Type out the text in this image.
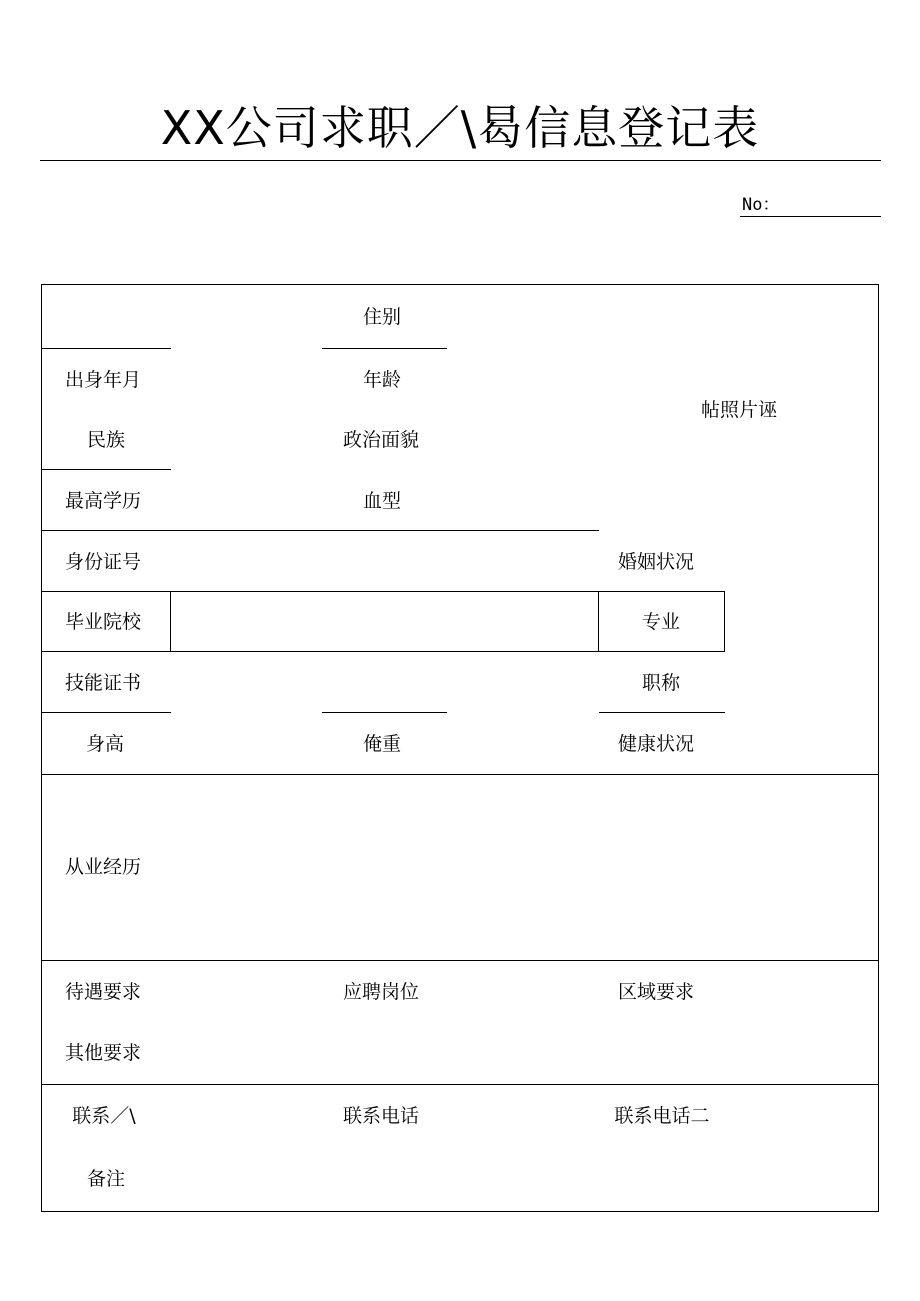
XX公司求职／\曷信息登记表
No：
住别
出身年月	年龄
民族	政治面貌
帖照片诬
最高学历	血型
身份证号	婚姻状况
毕业院校	专业
技能证书	职称
身高	俺重	健康状况
从业经历
待遇要求	应聘岗位	区域要求
其他要求
联系／\	联系电话	联系电话二
备注
